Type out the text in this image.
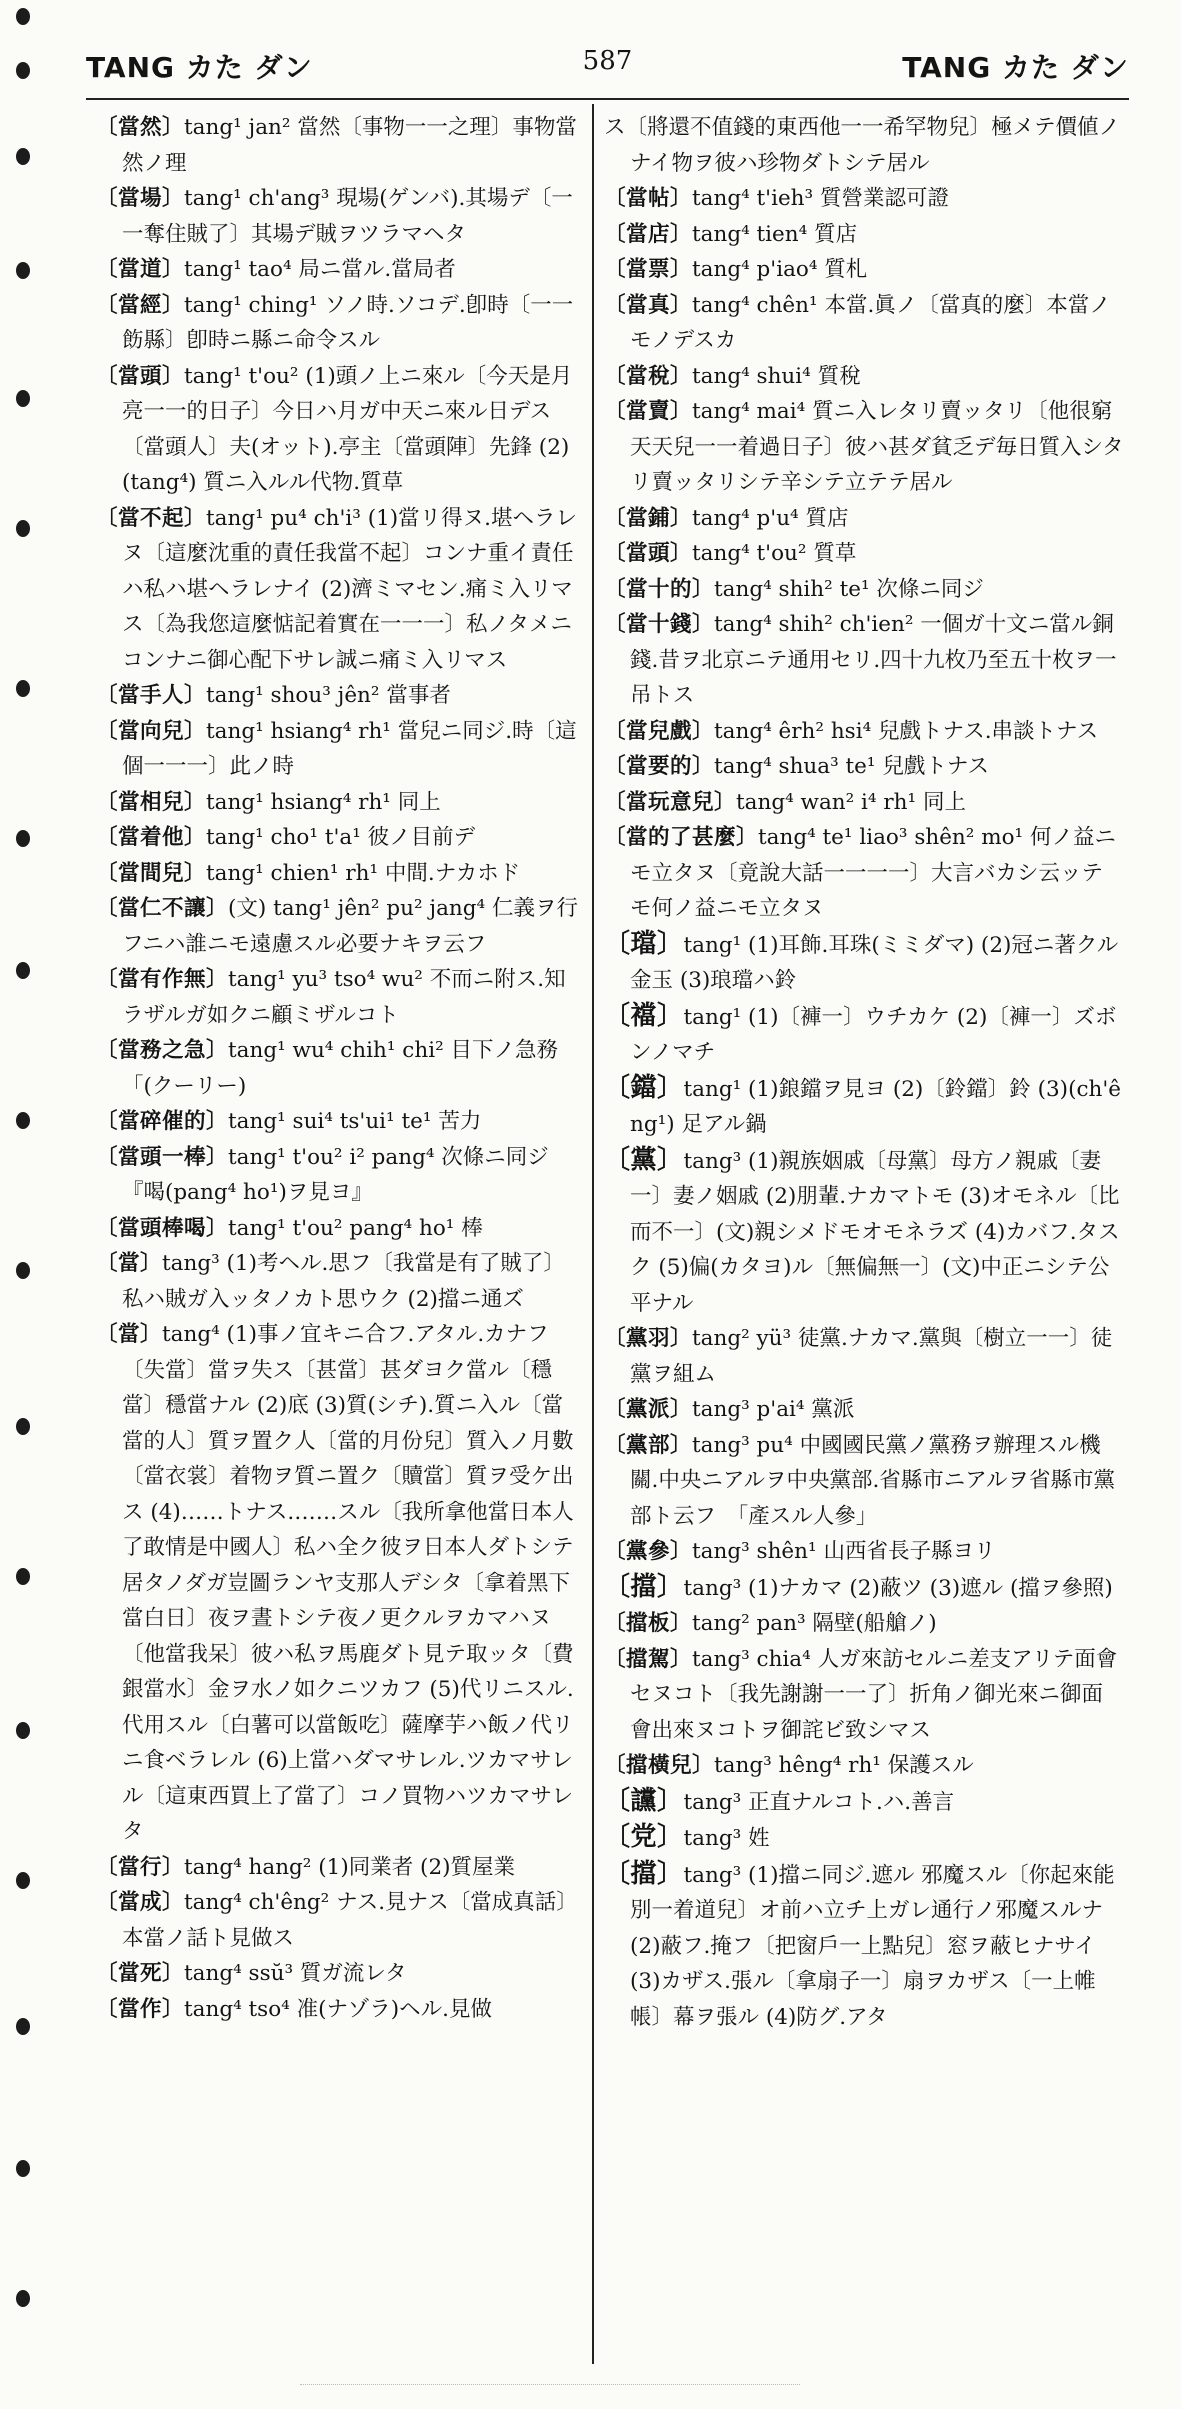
TANG カた ダン	587	TANG カた ダン

〔當然〕tang¹ jan² 當然〔事物一一之理〕事物當然ノ理

〔當場〕tang¹ ch'ang³ 現場(ゲンバ).其場デ〔一一奪住賊了〕其場デ賊ヲツラマヘタ

〔當道〕tang¹ tao⁴ 局ニ當ル.當局者

〔當經〕tang¹ ching¹ ソノ時.ソコデ.卽時〔一一飭縣〕卽時ニ縣ニ命令スル

〔當頭〕tang¹ t'ou² (1)頭ノ上ニ來ル〔今天是月亮一一的日子〕今日ハ月ガ中天ニ來ル日デス〔當頭人〕夫(オット).亭主〔當頭陣〕先鋒 (2)(tang⁴) 質ニ入ルル代物.質草

〔當不起〕tang¹ pu⁴ ch'i³ (1)當リ得ヌ.堪ヘラレヌ〔這麼沈重的責任我當不起〕コンナ重イ責任ハ私ハ堪ヘラレナイ (2)濟ミマセン.痛ミ入リマス〔為我您這麼惦記着實在一一一〕私ノタメニコンナニ御心配下サレ誠ニ痛ミ入リマス

〔當手人〕tang¹ shou³ jên² 當事者

〔當向兒〕tang¹ hsiang⁴ rh¹ 當兒ニ同ジ.時〔這個一一一〕此ノ時

〔當相兒〕tang¹ hsiang⁴ rh¹ 同上

〔當着他〕tang¹ cho¹ t'a¹ 彼ノ目前デ

〔當間兒〕tang¹ chien¹ rh¹ 中間.ナカホド

〔當仁不讓〕(文) tang¹ jên² pu² jang⁴ 仁義ヲ行フニハ誰ニモ遠慮スル必要ナキヲ云フ

〔當有作無〕tang¹ yu³ tso⁴ wu² 不而ニ附ス.知ラザルガ如クニ顧ミザルコト

〔當務之急〕tang¹ wu⁴ chih¹ chi² 目下ノ急務　「(クーリー)

〔當碎催的〕tang¹ sui⁴ ts'ui¹ te¹ 苦力

〔當頭一棒〕tang¹ t'ou² i² pang⁴ 次條ニ同ジ　『喝(pang⁴ ho¹)ヲ見ヨ』

〔當頭棒喝〕tang¹ t'ou² pang⁴ ho¹ 棒

〔當〕tang³ (1)考ヘル.思フ〔我當是有了賊了〕私ハ賊ガ入ッタノカト思ウク (2)擋ニ通ズ

〔當〕tang⁴ (1)事ノ宜キニ合フ.アタル.カナフ〔失當〕當ヲ失ス〔甚當〕甚ダヨク當ル〔穩當〕穩當ナル (2)底 (3)質(シチ).質ニ入ル〔當當的人〕質ヲ置ク人〔當的月份兒〕質入ノ月數〔當衣裳〕着物ヲ質ニ置ク〔贖當〕質ヲ受ケ出ス (4)……トナス.……スル〔我所拿他當日本人了敢情是中國人〕私ハ全ク彼ヲ日本人ダトシテ居タノダガ豈圖ランヤ支那人デシタ〔拿着黑下當白日〕夜ヲ晝トシテ夜ノ更クルヲカマハヌ〔他當我呆〕彼ハ私ヲ馬鹿ダト見テ取ッタ〔費銀當水〕金ヲ水ノ如クニツカフ (5)代リニスル.代用スル〔白薯可以當飯吃〕薩摩芋ハ飯ノ代リニ食ベラレル (6)上當ハダマサレル.ツカマサレル〔這東西買上了當了〕コノ買物ハツカマサレタ

〔當行〕tang⁴ hang² (1)同業者 (2)質屋業

〔當成〕tang⁴ ch'êng² ナス.見ナス〔當成真話〕本當ノ話ト見做ス

〔當死〕tang⁴ ssŭ³ 質ガ流レタ

〔當作〕tang⁴ tso⁴ 准(ナゾラ)ヘル.見做

ス〔將還不值錢的東西他一一希罕物兒〕極メテ價値ノナイ物ヲ彼ハ珍物ダトシテ居ル

〔當帖〕tang⁴ t'ieh³ 質營業認可證

〔當店〕tang⁴ tien⁴ 質店

〔當票〕tang⁴ p'iao⁴ 質札

〔當真〕tang⁴ chên¹ 本當.眞ノ〔當真的麼〕本當ノモノデスカ

〔當稅〕tang⁴ shui⁴ 質稅

〔當賣〕tang⁴ mai⁴ 質ニ入レタリ賣ッタリ〔他很窮天天兒一一着過日子〕彼ハ甚ダ貧乏デ毎日質入シタリ賣ッタリシテ辛シテ立テテ居ル

〔當鋪〕tang⁴ p'u⁴ 質店

〔當頭〕tang⁴ t'ou² 質草

〔當十的〕tang⁴ shih² te¹ 次條ニ同ジ

〔當十錢〕tang⁴ shih² ch'ien² 一個ガ十文ニ當ル銅錢.昔ヲ北京ニテ通用セリ.四十九枚乃至五十枚ヲ一吊トス

〔當兒戲〕tang⁴ êrh² hsi⁴ 兒戲トナス.串談トナス

〔當要的〕tang⁴ shua³ te¹ 兒戲トナス

〔當玩意兒〕tang⁴ wan² i⁴ rh¹ 同上

〔當的了甚麼〕tang⁴ te¹ liao³ shên² mo¹ 何ノ益ニモ立タヌ〔竟說大話一一一一〕大言バカシ云ッテモ何ノ益ニモ立タヌ

〔璫〕tang¹ (1)耳飾.耳珠(ミミダマ) (2)冠ニ著クル金玉 (3)琅璫ハ鈴

〔襠〕tang¹ (1)〔褲一〕ウチカケ (2)〔褲一〕ズボンノマチ

〔鐺〕tang¹ (1)鋃鐺ヲ見ヨ (2)〔鈴鐺〕鈴 (3)(ch'êng¹) 足アル鍋

〔黨〕tang³ (1)親族姻戚〔母黨〕母方ノ親戚〔妻一〕妻ノ姻戚 (2)朋輩.ナカマトモ (3)オモネル〔比而不一〕(文)親シメドモオモネラズ (4)カバフ.タスク (5)偏(カタヨ)ル〔無偏無一〕(文)中正ニシテ公平ナル

〔黨羽〕tang² yü³ 徒黨.ナカマ.黨與〔樹立一一〕徒黨ヲ組ム

〔黨派〕tang³ p'ai⁴ 黨派

〔黨部〕tang³ pu⁴ 中國國民黨ノ黨務ヲ辦理スル機關.中央ニアルヲ中央黨部.省縣市ニアルヲ省縣市黨部ト云フ　「產スル人參」

〔黨參〕tang³ shên¹ 山西省長子縣ヨリ

〔擋〕tang³ (1)ナカマ (2)蔽ツ (3)遮ル (擋ヲ參照)

〔擋板〕tang² pan³ 隔壁(船艙ノ)

〔擋駕〕tang³ chia⁴ 人ガ來訪セルニ差支アリテ面會セヌコト〔我先謝謝一一了〕折角ノ御光來ニ御面會出來ヌコトヲ御詫ビ致シマス

〔擋橫兒〕tang³ hêng⁴ rh¹ 保護スル

〔讜〕tang³ 正直ナルコト.ハ.善言

〔党〕tang³ 姓

〔擋〕tang³ (1)擋ニ同ジ.遮ル 邪魔スル〔你起來能別一着道兒〕オ前ハ立チ上ガレ通行ノ邪魔スルナ (2)蔽フ.掩フ〔把窗戶一上點兒〕窓ヲ蔽ヒナサイ (3)カザス.張ル〔拿扇子一〕扇ヲカザス〔一上帷帳〕幕ヲ張ル (4)防グ.アタ
